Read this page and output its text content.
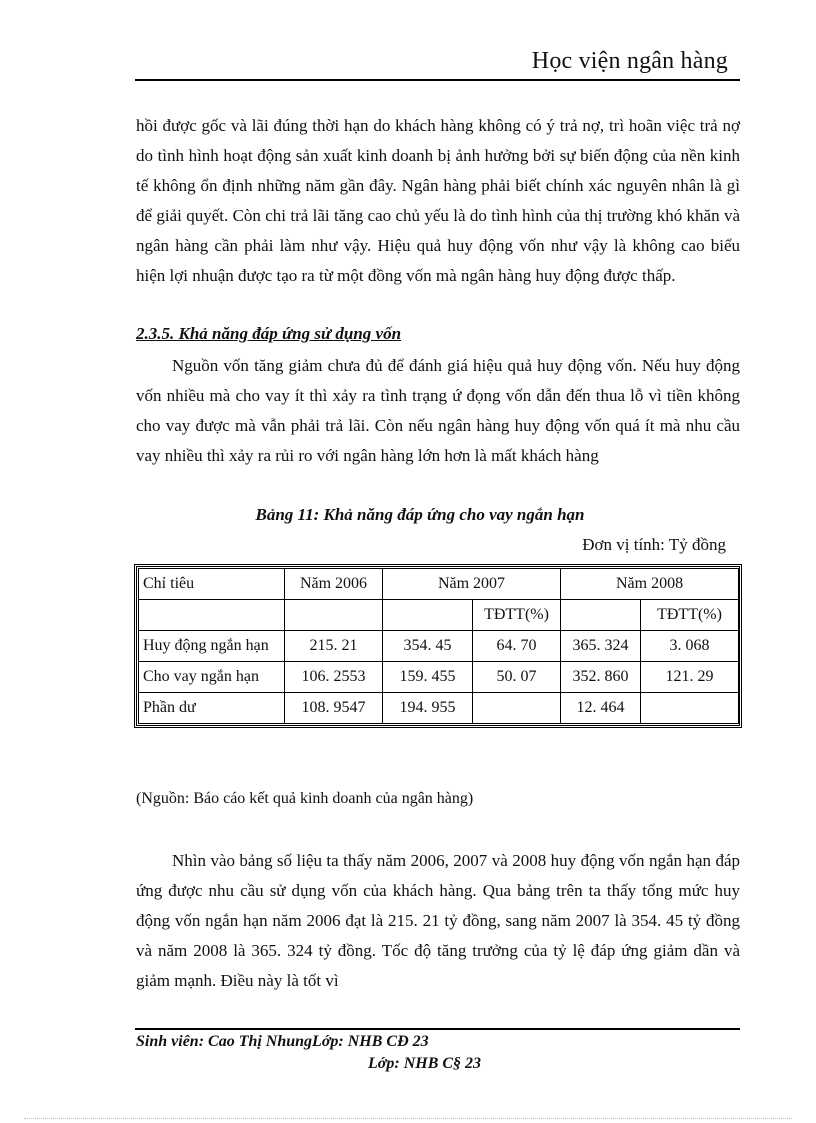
Học viện ngân hàng

hồi được gốc và lãi đúng thời hạn do khách hàng không có ý trả nợ, trì hoãn việc trả nợ do tình hình hoạt động sản xuất kinh doanh bị ảnh hưởng bởi sự biến động của nền kinh tế không ổn định những năm gần đây. Ngân hàng phải biết chính xác nguyên nhân là gì để giải quyết. Còn chi trả lãi tăng cao chủ yếu là do tình hình của thị trường khó khăn và ngân hàng cần phải làm như vậy. Hiệu quả huy động vốn như vậy là không cao biểu hiện lợi nhuận được tạo ra từ một đồng vốn mà ngân hàng huy động được thấp.

2.3.5. Khả năng đáp ứng sử dụng vốn

Nguồn vốn tăng giảm chưa đủ để đánh giá hiệu quả huy động vốn. Nếu huy động vốn nhiều mà cho vay ít thì xảy ra tình trạng ứ đọng vốn dẫn đến thua lỗ vì tiền không cho vay được mà vẫn phải trả lãi. Còn nếu ngân hàng huy động vốn quá ít mà nhu cầu vay nhiều thì xảy ra rủi ro với ngân hàng lớn hơn là mất khách hàng

Bảng 11: Khả năng đáp ứng cho vay ngắn hạn

Đơn vị tính: Tỷ đồng

Chỉ tiêu	Năm 2006	Năm 2007		Năm 2008	
			TĐTT(%)		TĐTT(%)
Huy động ngắn hạn	215. 21	354. 45	64. 70	365. 324	3. 068
Cho vay ngắn hạn	106. 2553	159. 455	50. 07	352. 860	121. 29
Phần dư	108. 9547	194. 955		12. 464	

(Nguồn: Báo cáo kết quả kinh doanh của ngân hàng)

Nhìn vào bảng số liệu ta thấy năm 2006, 2007 và 2008 huy động vốn ngắn hạn đáp ứng được nhu cầu sử dụng vốn của khách hàng. Qua bảng trên ta thấy tổng mức huy động vốn ngắn hạn năm 2006 đạt là 215. 21 tỷ đồng, sang năm 2007 là 354. 45 tỷ đồng và năm 2008 là 365. 324 tỷ đồng. Tốc độ tăng trưởng của tỷ lệ đáp ứng giảm dần và giảm mạnh. Điều này là tốt vì

Sinh viên: Cao Thị NhungLớp: NHB CĐ 23

Lớp: NHB C§ 23
